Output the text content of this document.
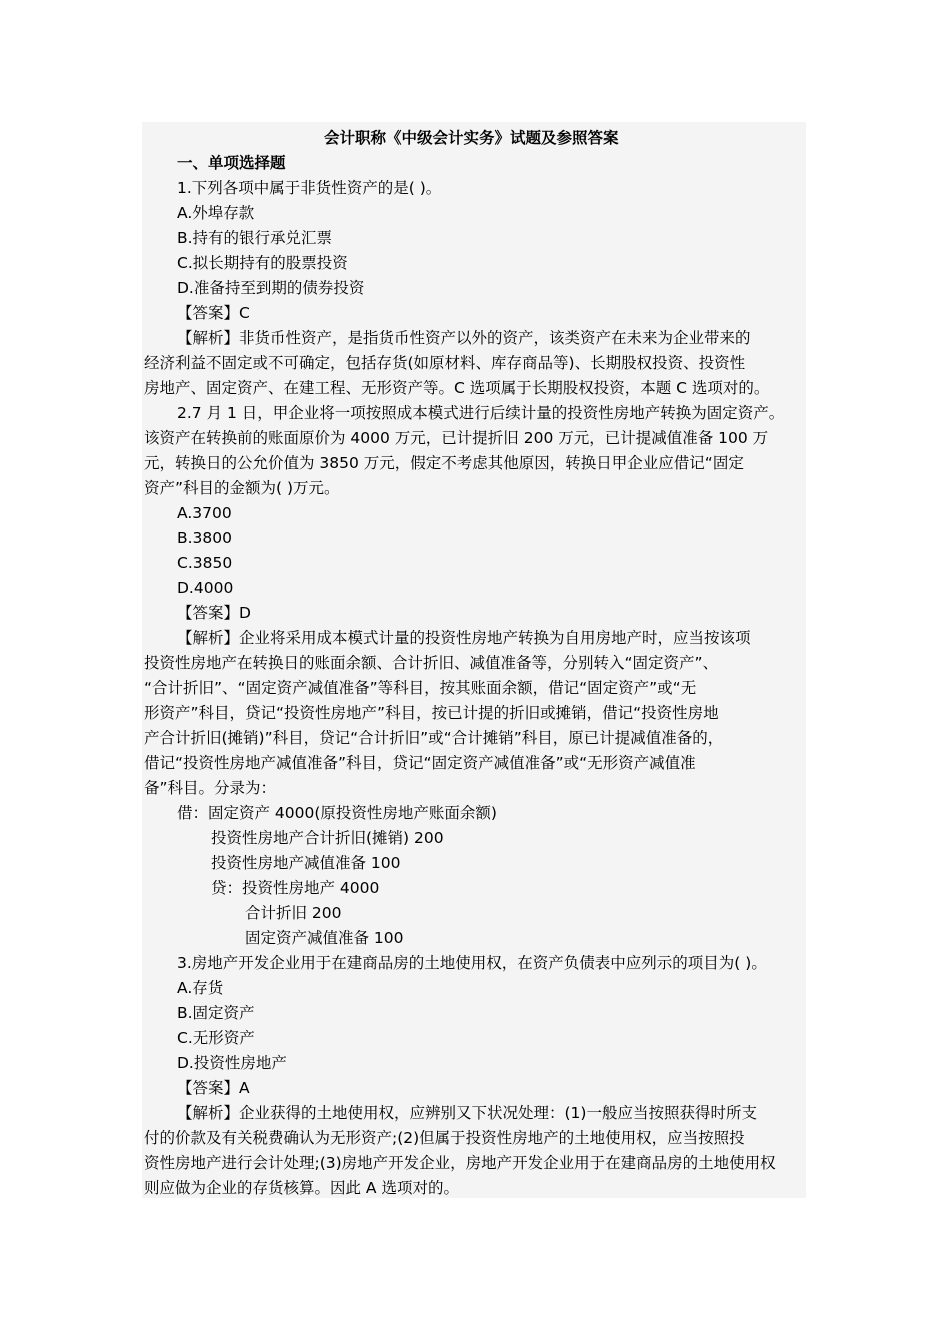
会计职称《中级会计实务》试题及参照答案
一、单项选择题
1.下列各项中属于非货性资产的是( )。
A.外埠存款
B.持有的银行承兑汇票
C.拟长期持有的股票投资
D.准备持至到期的债券投资
【答案】C
【解析】非货币性资产，是指货币性资产以外的资产，该类资产在未来为企业带来的
经济利益不固定或不可确定，包括存货(如原材料、库存商品等)、长期股权投资、投资性
房地产、固定资产、在建工程、无形资产等。C 选项属于长期股权投资，本题 C 选项对的。
2.7 月 1 日，甲企业将一项按照成本模式进行后续计量的投资性房地产转换为固定资产。
该资产在转换前的账面原价为 4000 万元，已计提折旧 200 万元，已计提减值准备 100 万
元，转换日的公允价值为 3850 万元，假定不考虑其他原因，转换日甲企业应借记“固定
资产”科目的金额为( )万元。
A.3700
B.3800
C.3850
D.4000
【答案】D
【解析】企业将采用成本模式计量的投资性房地产转换为自用房地产时，应当按该项
投资性房地产在转换日的账面余额、合计折旧、减值准备等，分别转入“固定资产”、
“合计折旧”、“固定资产减值准备”等科目，按其账面余额，借记“固定资产”或“无
形资产”科目，贷记“投资性房地产”科目，按已计提的折旧或摊销，借记“投资性房地
产合计折旧(摊销)”科目，贷记“合计折旧”或“合计摊销”科目，原已计提减值准备的，
借记“投资性房地产减值准备”科目，贷记“固定资产减值准备”或“无形资产减值准
备”科目。分录为：
借：固定资产 4000(原投资性房地产账面余额)
投资性房地产合计折旧(摊销) 200
投资性房地产减值准备 100
贷：投资性房地产 4000
合计折旧 200
固定资产减值准备 100
3.房地产开发企业用于在建商品房的土地使用权，在资产负债表中应列示的项目为( )。
A.存货
B.固定资产
C.无形资产
D.投资性房地产
【答案】A
【解析】企业获得的土地使用权，应辨别又下状况处理：(1)一般应当按照获得时所支
付的价款及有关税费确认为无形资产;(2)但属于投资性房地产的土地使用权，应当按照投
资性房地产进行会计处理;(3)房地产开发企业，房地产开发企业用于在建商品房的土地使用权
则应做为企业的存货核算。因此 A 选项对的。
